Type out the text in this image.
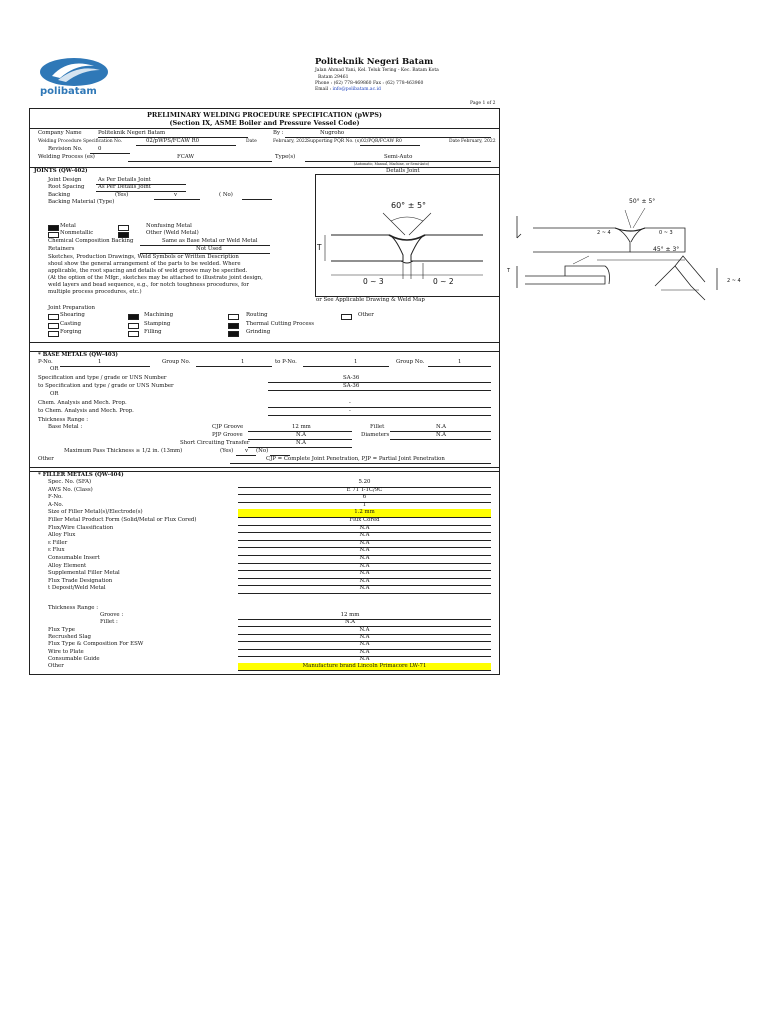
polibatam
Politeknik Negeri Batam
Jalan Ahmad Yani, Kel. Teluk Tering - Kec. Batam Kota
Batam 29461
Phone : (62) 778-469860 Fax : (62) 778-463960
Email : info@polibatam.ac.id
Page 1 of 2
PRELIMINARY WELDING PROCEDURE SPECIFICATION (pWPS)
(Section IX, ASME Boiler and Pressure Vessel Code)
Company Name	Politeknik Negeri Batam	By :	Nugroho
Welding Procedure Specification No.	02/pWPS/FCAW R0	Date	February, 2022 Supporting PQR No. (s) 02/PQR/FCAW R0	Date February, 2022
Revision No.	0
Welding Process (es)	FCAW	Type(s)	Semi-Auto
(Automatic, Manual, Machine, or Semi-Auto)
JOINTS (QW-402)	Details Joint
Joint Design	As Per Details Joint
Root Spacing	As Per Details Joint
Backing	(Yes)	v	( No)
Backing Material (Type)
Metal	Nonfusing Metal
Nonmetallic	Other (Weld Metal)
Chemical Composition Backing	Same as Base Metal or Weld Metal
Retainers	Not Used
Sketches, Production Drawings, Weld Symbols or Written Description
shoul show the general arrangement of the parts to be welded. Where
applicable, the root spacing and details of weld groove may be specified.
(At the option of the Mfgr., sketches may be attached to illustrate joint design,
weld layers and bead sequence, e.g., for notch toughness procedures, for
multiple process procedures, etc.)
or See Applicable Drawing & Weld Map
Joint Preparation
Shearing	Machining	Routing	Other
Casting	Stamping	Thermal Cutting Process
Forging	Filling	Grinding
60° ± 5°
0 ~ 3	0 ~ 2
T
* BASE METALS (QW-403)
P-No.	1	Group No.	1	to P-No.	1	Group No.	1
OR
Specification and type / grade or UNS Number	SA-36
to Specification and type / grade or UNS Number	SA-36
OR
Chem. Analysis and Mech. Prop.	-
to Chem. Analysis and Mech. Prop.	-
Thickness Range :
Base Metal :	CJP Groove	12 mm	Fillet	N.A
PJP Groove	N.A	Diameters	N.A
Short Circuiting Transfer	N.A
Maximum Pass Thickness ≥ 1/2 in. (13mm)	(Yes) v (No)
Other	CJP = Complete Joint Penetration, PJP = Partial Joint Penetration
* FILLER METALS (QW-404)
Spec. No. (SFA)	5.20
AWS No. (Class)	E 71 T-1C/9C
F-No.	6
A-No.	1
Size of Filler Metal(s)/Electrode(s)	1.2 mm
Filler Metal Product Form (Solid/Metal or Flux Cored)	Flux Cored
Flux/Wire Classification	N.A
Alloy Flux	N.A
ε Filler	N.A
ε Flux	N.A
Consumable Insert	N.A
Alloy Element	N.A
Supplemental Filler Metal	N.A
Flux Trade Designation	N.A
t Deposit/Weld Metal	N.A
Thickness Range :
Groove :	12 mm
Fillet :	N.A
Flux Type	N.A
Recrushed Slag	N.A
Flux Type & Composition For ESW	N.A
Wire to Plate	N.A
Consumable Guide	N.A
Other	Manufacture brand Lincoln Primacore LW-71
50° ± 5°
2 ~ 4	0 ~ 3
T
45° ± 3°
2 ~ 4
